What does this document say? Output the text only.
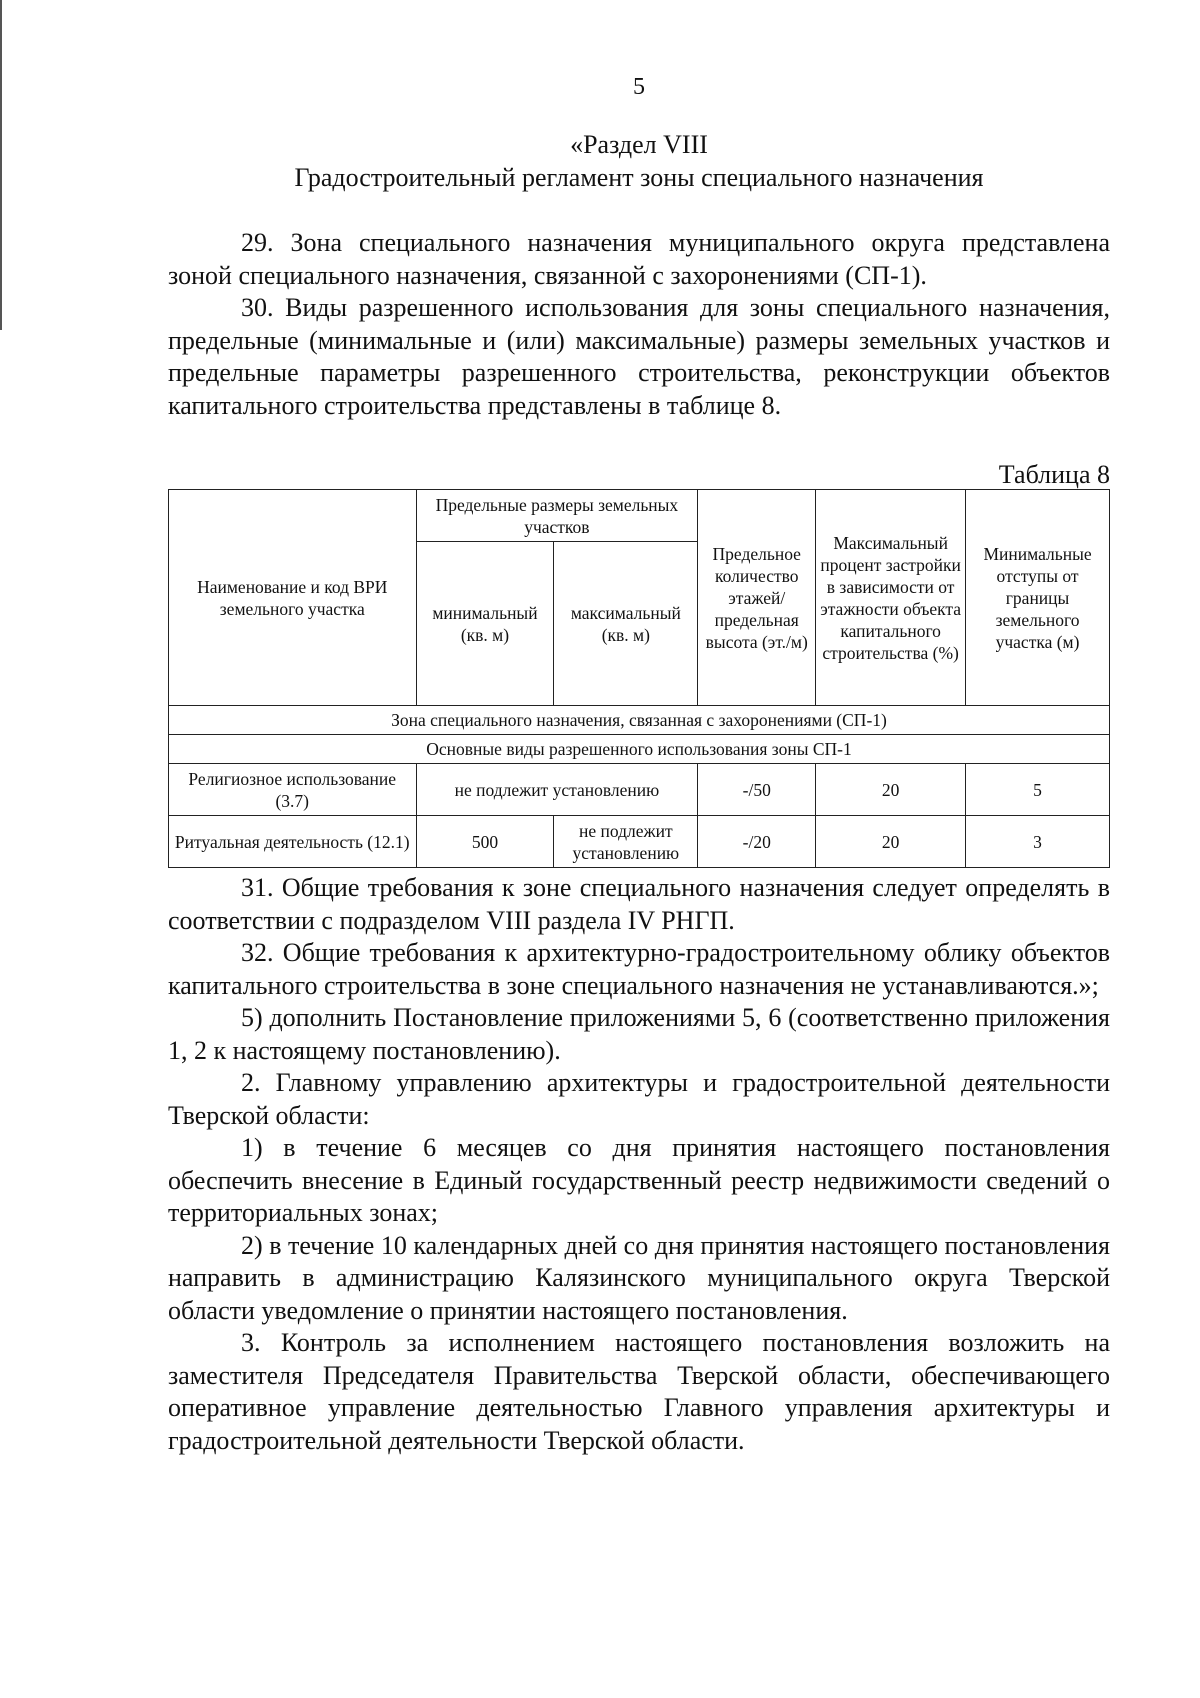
5
«Раздел VIII
Градостроительный регламент зоны специального назначения

29. Зона специального назначения муниципального округа представлена зоной специального назначения, связанной с захоронениями (СП-1).

30. Виды разрешенного использования для зоны специального назначения, предельные (минимальные и (или) максимальные) размеры земельных участков и предельные параметры разрешенного строительства, реконструкции объектов капитального строительства представлены в таблице 8.

Таблица 8
Наименование и код ВРИ земельного участка	Предельные размеры земельных участков		Предельное количество этажей/ предельная высота (эт./м)	Максимальный процент застройки в зависимости от этажности объекта капитального строительства (%)	Минимальные отступы от границы земельного участка (м)
	минимальный (кв. м)	максимальный (кв. м)			
Зона специального назначения, связанная с захоронениями (СП-1)					
Основные виды разрешенного использования зоны СП-1					
Религиозное использование (3.7)	не подлежит установлению		-/50	20	5
Ритуальная деятельность (12.1)	500	не подлежит установлению	-/20	20	3

31. Общие требования к зоне специального назначения следует определять в соответствии с подразделом VIII раздела IV РНГП.

32. Общие требования к архитектурно-градостроительному облику объектов капитального строительства в зоне специального назначения не устанавливаются.»;

5) дополнить Постановление приложениями 5, 6 (соответственно приложения 1, 2 к настоящему постановлению).

2. Главному управлению архитектуры и градостроительной деятельности Тверской области:

1) в течение 6 месяцев со дня принятия настоящего постановления обеспечить внесение в Единый государственный реестр недвижимости сведений о территориальных зонах;

2) в течение 10 календарных дней со дня принятия настоящего постановления направить в администрацию Калязинского муниципального округа Тверской области уведомление о принятии настоящего постановления.

3. Контроль за исполнением настоящего постановления возложить на заместителя Председателя Правительства Тверской области, обеспечивающего оперативное управление деятельностью Главного управления архитектуры и градостроительной деятельности Тверской области.
